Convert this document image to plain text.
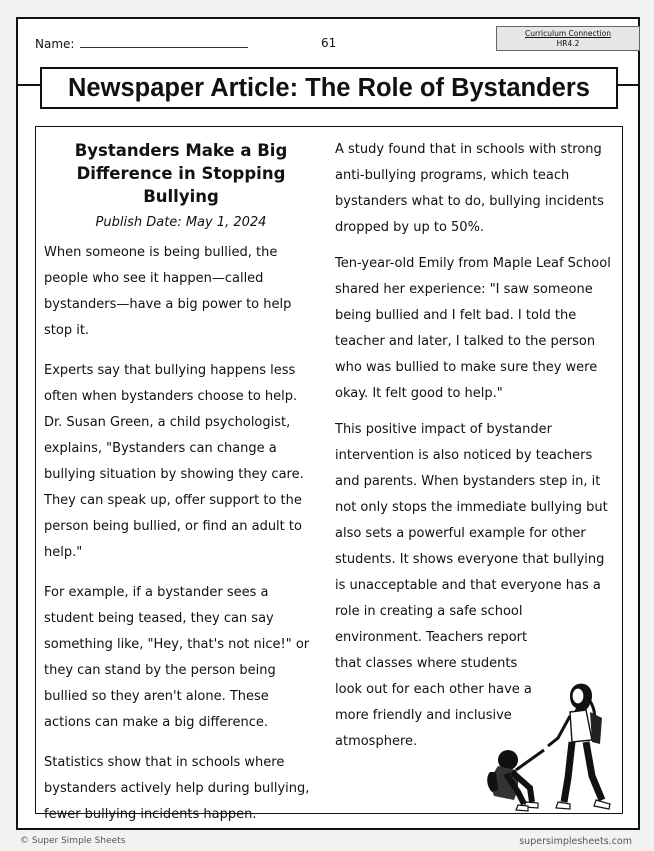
Name:	61
Curriculum Connection
HR4.2
Newspaper Article: The Role of Bystanders
Bystanders Make a Big
Difference in Stopping Bullying
Publish Date: May 1, 2024

When someone is being bullied, the people who see it happen—called bystanders—have a big power to help stop it.

Experts say that bullying happens less often when bystanders choose to help. Dr. Susan Green, a child psychologist, explains, "Bystanders can change a bullying situation by showing they care. They can speak up, offer support to the person being bullied, or find an adult to help."

For example, if a bystander sees a student being teased, they can say something like, "Hey, that's not nice!" or they can stand by the person being bullied so they aren't alone. These actions can make a big difference.

Statistics show that in schools where bystanders actively help during bullying, fewer bullying incidents happen.

A study found that in schools with strong anti-bullying programs, which teach bystanders what to do, bullying incidents dropped by up to 50%.

Ten-year-old Emily from Maple Leaf School shared her experience: "I saw someone being bullied and I felt bad. I told the teacher and later, I talked to the person who was bullied to make sure they were okay. It felt good to help."

This positive impact of bystander intervention is also noticed by teachers and parents. When bystanders step in, it not only stops the immediate bullying but also sets a powerful example for other students. It shows everyone that bullying is unacceptable and that everyone has a role in creating a safe school

environment. Teachers report that classes where students look out for each other have a more friendly and inclusive atmosphere.

© Super Simple Sheets	supersimplesheets.com
